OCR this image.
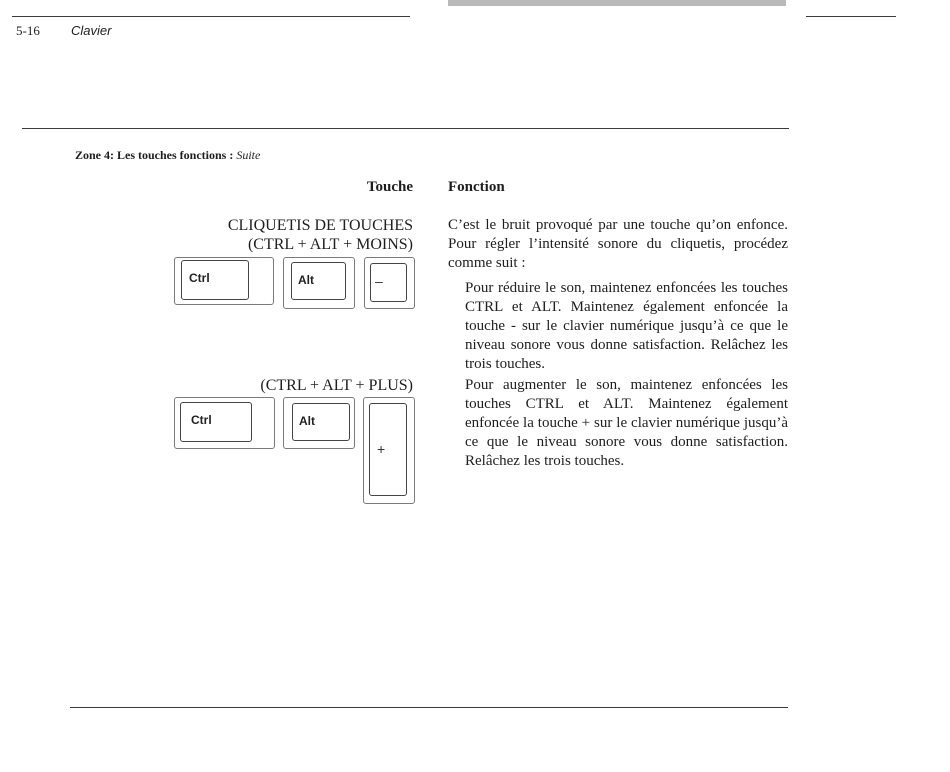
5-16 Clavier
Zone 4: Les touches fonctions : Suite
Touche Fonction
CLIQUETIS DE TOUCHES
(CTRL + ALT + MOINS)
Ctrl	Alt	–
(CTRL + ALT + PLUS)
Ctrl	Alt
+
C’est le bruit provoqué par une touche qu’on enfonce. Pour régler l’intensité sonore du cliquetis, procédez comme suit :
Pour réduire le son, maintenez enfoncées les touches CTRL et ALT. Maintenez également enfoncée la touche - sur le clavier numérique jusqu’à ce que le niveau sonore vous donne satisfaction. Relâchez les trois touches.
Pour augmenter le son, maintenez enfoncées les touches CTRL et ALT. Maintenez également enfoncée la touche + sur le clavier numérique jusqu’à ce que le niveau sonore vous donne satisfaction. Relâchez les trois touches.
